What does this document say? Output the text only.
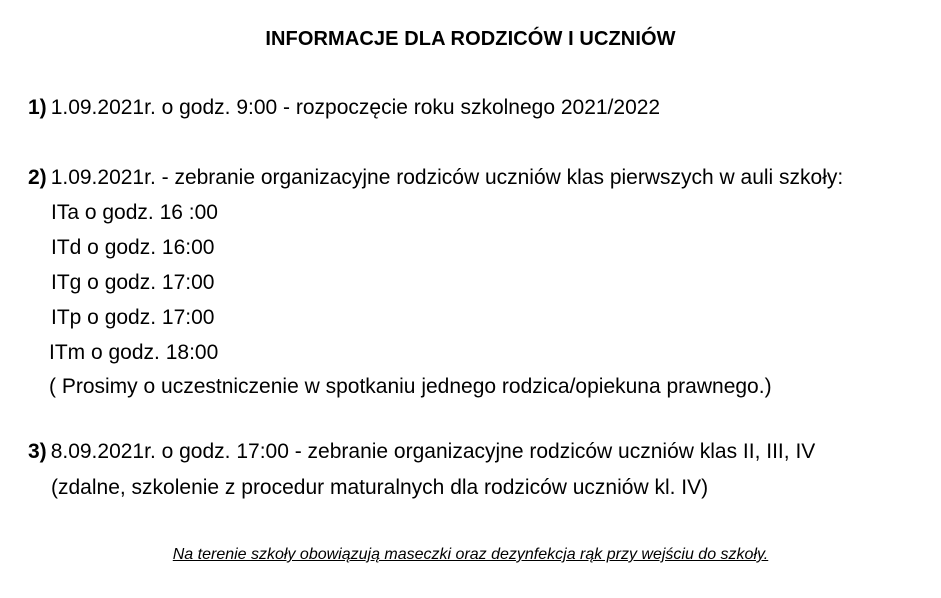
INFORMACJE DLA RODZICÓW I UCZNIÓW
1) 1.09.2021r. o godz. 9:00 - rozpoczęcie roku szkolnego 2021/2022
2) 1.09.2021r. - zebranie organizacyjne rodziców uczniów klas pierwszych w auli szkoły:
ITa o godz. 16 :00
ITd o godz. 16:00
ITg o godz. 17:00
ITp o godz. 17:00
ITm o godz. 18:00
( Prosimy o uczestniczenie w spotkaniu jednego rodzica/opiekuna prawnego.)
3) 8.09.2021r. o godz. 17:00 - zebranie organizacyjne rodziców uczniów klas II, III, IV
(zdalne, szkolenie z procedur maturalnych dla rodziców uczniów kl. IV)
Na terenie szkoły obowiązują maseczki oraz dezynfekcja rąk przy wejściu do szkoły.
